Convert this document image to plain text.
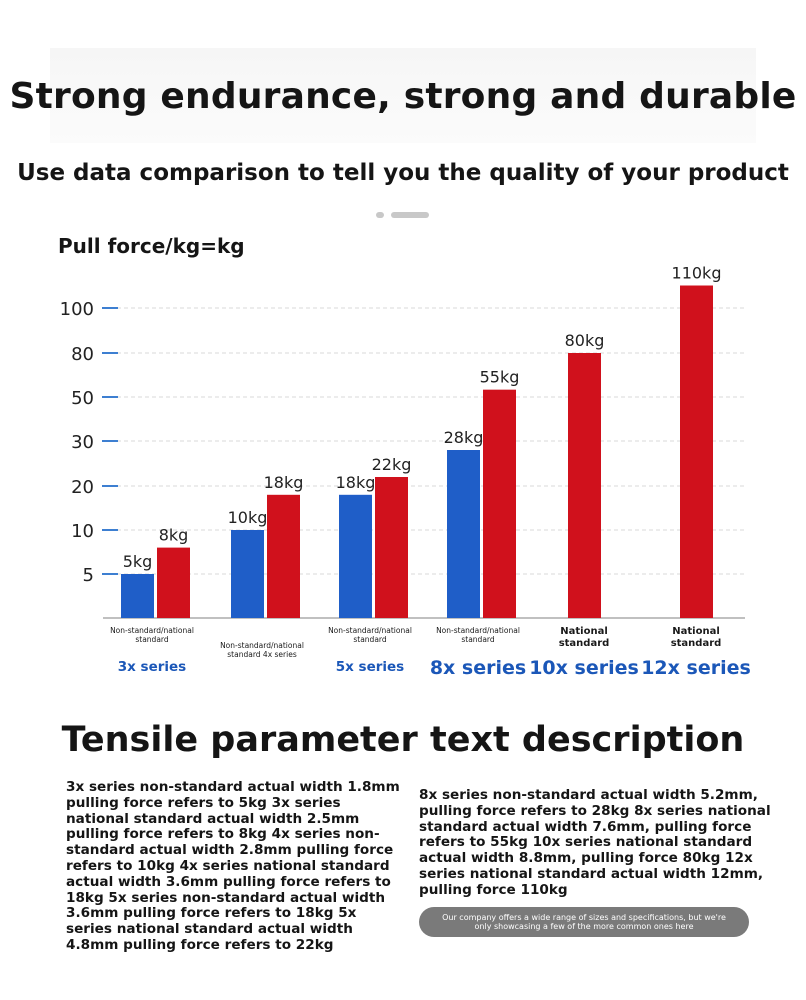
Strong endurance, strong and durable
Use data comparison to tell you the quality of your product
Pull force/kg=kg
5
10
20
30
50
80
100
5kg
8kg
Non-standard/national standard
3x series
10kg
18kg
Non-standard/national standard 4x series
18kg
22kg
Non-standard/national standard
5x series
28kg
55kg
Non-standard/national standard
8x series
80kg
National standard
10x series
110kg
National standard
12x series
Tensile parameter text description

3x series non-standard actual width 1.8mm pulling force refers to 5kg 3x series national standard actual width 2.5mm pulling force refers to 8kg 4x series non-standard actual width 2.8mm pulling force refers to 10kg 4x series national standard actual width 3.6mm pulling force refers to 18kg 5x series non-standard actual width 3.6mm pulling force refers to 18kg 5x series national standard actual width 4.8mm pulling force refers to 22kg

8x series non-standard actual width 5.2mm, pulling force refers to 28kg 8x series national standard actual width 7.6mm, pulling force refers to 55kg 10x series national standard actual width 8.8mm, pulling force 80kg 12x series national standard actual width 12mm, pulling force 110kg

Our company offers a wide range of sizes and specifications, but we're only showcasing a few of the more common ones here
